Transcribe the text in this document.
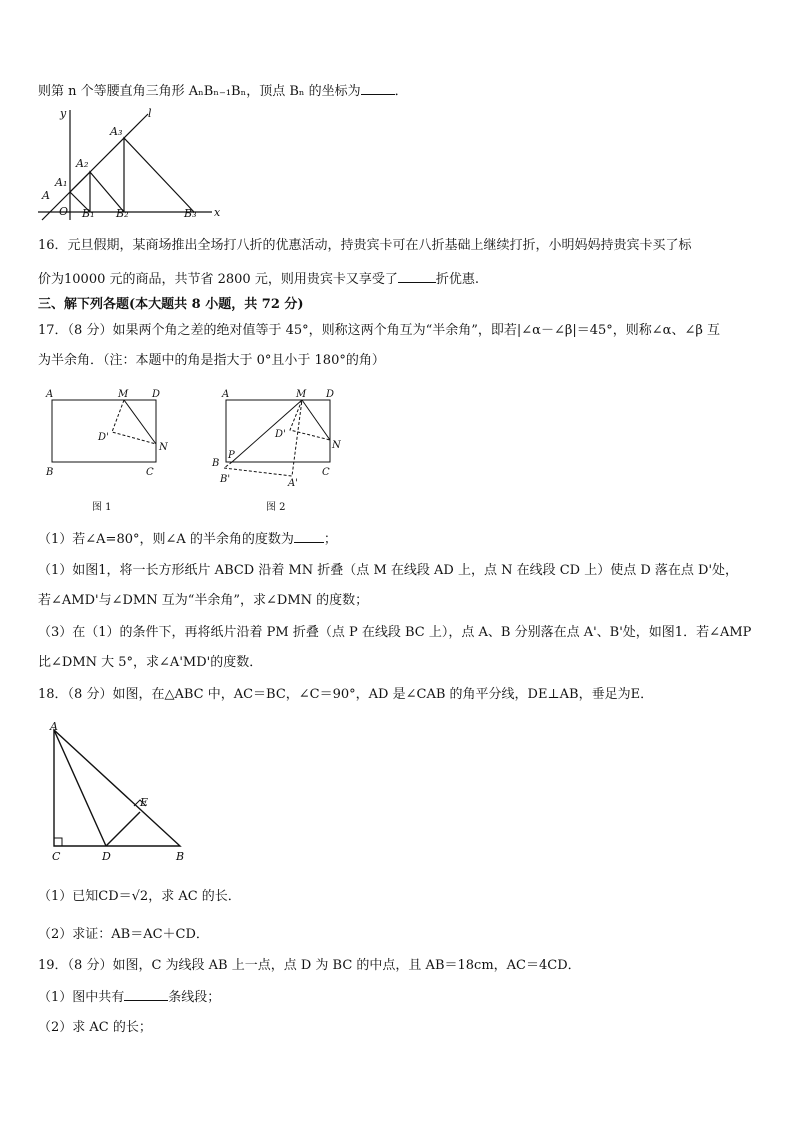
则第 n 个等腰直角三角形 AₙBₙ₋₁Bₙ，顶点 Bₙ 的坐标为	．
y
x
l
O
A
A₁
A₂
A₃
B₁ B₂	B₃
16．元旦假期，某商场推出全场打八折的优惠活动，持贵宾卡可在八折基础上继续打折，小明妈妈持贵宾卡买了标
价为10000 元的商品，共节省 2800 元，则用贵宾卡又享受了	折优惠.
三、解下列各题(本大题共 8 小题，共 72 分)
17．（8 分）如果两个角之差的绝对值等于 45°，则称这两个角互为“半余角”，即若|∠α－∠β|＝45°，则称∠α、∠β 互
为半余角．（注：本题中的角是指大于 0°且小于 180°的角）
A	M D
D'
N
B	C
图 1
A	M D
D'
N
B
P
C
B'	A'
图 2
（1）若∠A=80°，则∠A 的半余角的度数为 ；
（1）如图1，将一长方形纸片 ABCD 沿着 MN 折叠（点 M 在线段 AD 上，点 N 在线段 CD 上）使点 D 落在点 D'处，
若∠AMD'与∠DMN 互为“半余角”，求∠DMN 的度数；
（3）在（1）的条件下，再将纸片沿着 PM 折叠（点 P 在线段 BC 上），点 A、B 分别落在点 A'、B'处，如图1．若∠AMP
比∠DMN 大 5°，求∠A'MD'的度数．
18．（8 分）如图，在△ABC 中，AC＝BC，∠C＝90°，AD 是∠CAB 的角平分线，DE⊥AB，垂足为E．
A
C	D
E
B
（1）已知CD＝√2，求 AC 的长．
（2）求证：AB＝AC＋CD．
19．（8 分）如图，C 为线段 AB 上一点，点 D 为 BC 的中点，且 AB＝18cm，AC＝4CD．
（1）图中共有	条线段；
（2）求 AC 的长；
